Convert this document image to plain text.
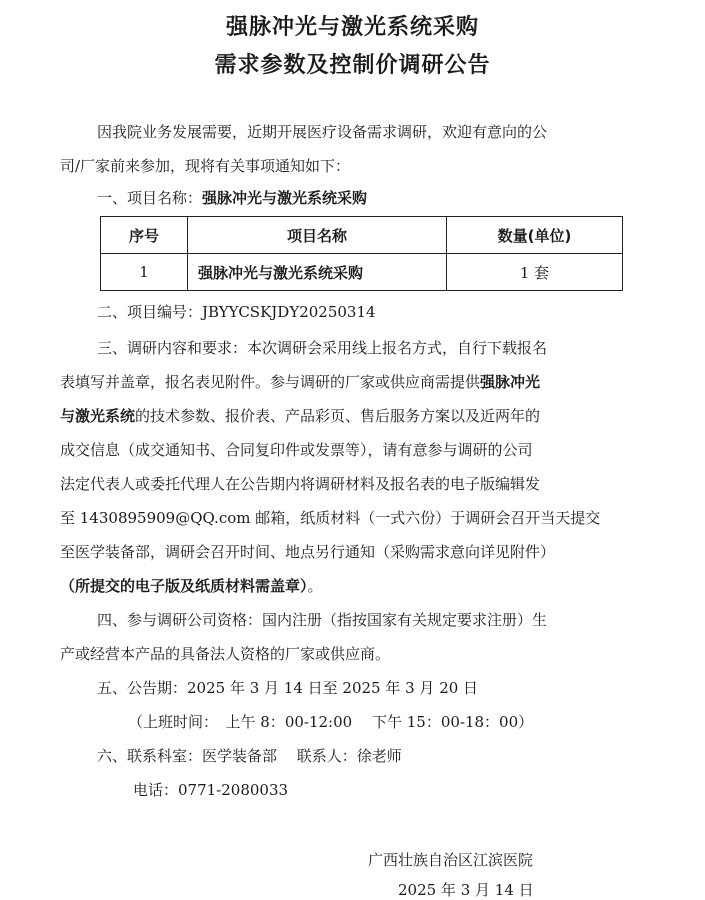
强脉冲光与激光系统采购
需求参数及控制价调研公告
因我院业务发展需要，近期开展医疗设备需求调研，欢迎有意向的公
司/厂家前来参加，现将有关事项通知如下：
一、项目名称：强脉冲光与激光系统采购
序号	项目名称	数量(单位)
1	强脉冲光与激光系统采购	1 套
二、项目编号：JBYYCSKJDY20250314
三、调研内容和要求：本次调研会采用线上报名方式，自行下载报名
表填写并盖章，报名表见附件。参与调研的厂家或供应商需提供强脉冲光
与激光系统的技术参数、报价表、产品彩页、售后服务方案以及近两年的
成交信息（成交通知书、合同复印件或发票等），请有意参与调研的公司
法定代表人或委托代理人在公告期内将调研材料及报名表的电子版编辑发
至 1430895909@QQ.com 邮箱，纸质材料（一式六份）于调研会召开当天提交
至医学装备部，调研会召开时间、地点另行通知（采购需求意向详见附件）
（所提交的电子版及纸质材料需盖章）。
四、参与调研公司资格：国内注册（指按国家有关规定要求注册）生
产或经营本产品的具备法人资格的厂家或供应商。
五、公告期：2025 年 3 月 14 日至 2025 年 3 月 20 日
（上班时间：　上午 8：00-12:00　 下午 15：00-18：00）
六、联系科室：医学装备部　 联系人：徐老师
电话：0771-2080033
广西壮族自治区江滨医院
2025 年 3 月 14 日
